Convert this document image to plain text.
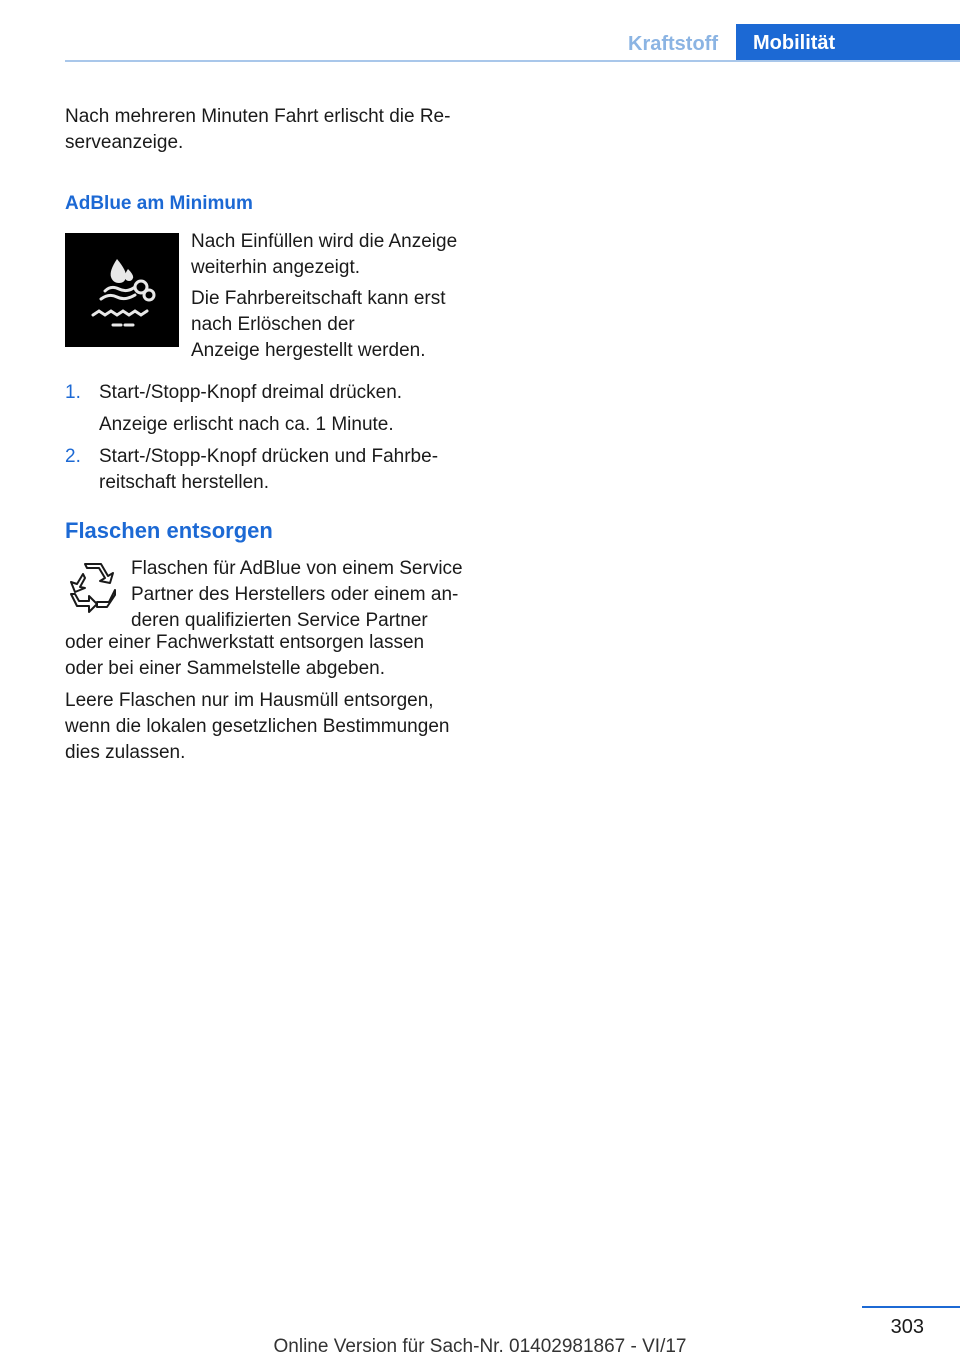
Kraftstoff	Mobilität

Nach mehreren Minuten Fahrt erlischt die Re-

serveanzeige.

AdBlue am Minimum

Nach Einfüllen wird die Anzeige

weiterhin angezeigt.

Die Fahrbereitschaft kann erst

nach Erlöschen der

Anzeige hergestellt werden.

1. Start-/Stopp-Knopf dreimal drücken.

Anzeige erlischt nach ca. 1 Minute.

2. Start-/Stopp-Knopf drücken und Fahrbe-

reitschaft herstellen.

Flaschen entsorgen

Flaschen für AdBlue von einem Service

Partner des Herstellers oder einem an-

deren qualifizierten Service Partner

oder einer Fachwerkstatt entsorgen lassen

oder bei einer Sammelstelle abgeben.

Leere Flaschen nur im Hausmüll entsorgen,

wenn die lokalen gesetzlichen Bestimmungen

dies zulassen.

303
Online Version für Sach-Nr. 01402981867 - VI/17
